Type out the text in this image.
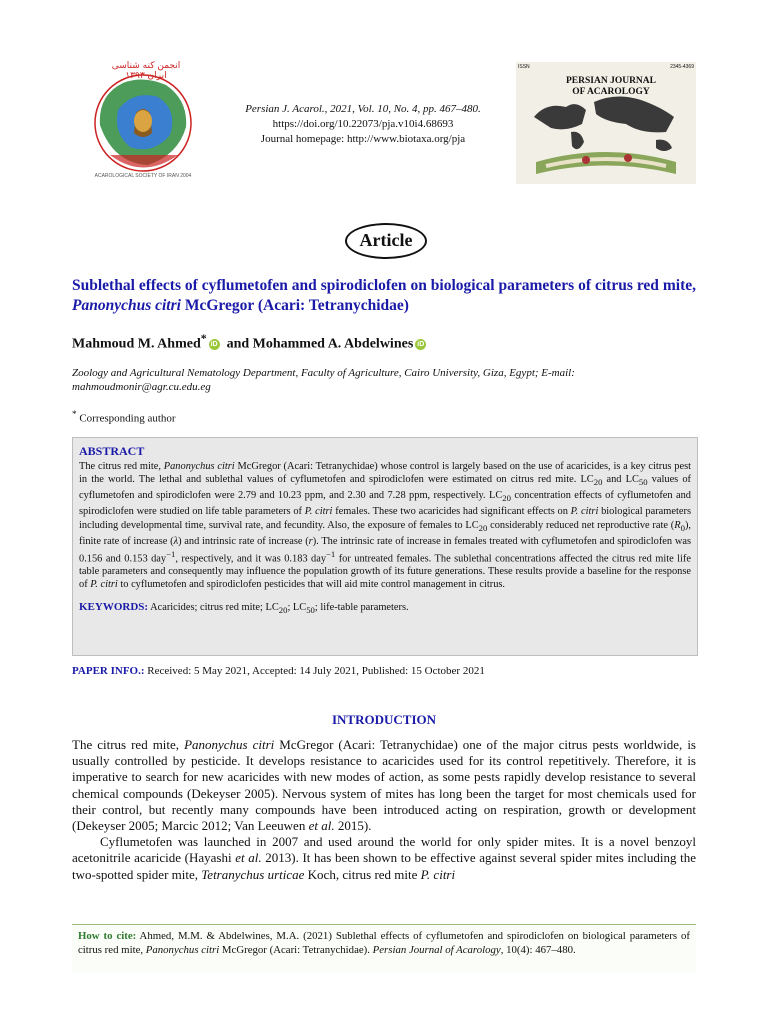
انجمن کنه شناسی ایران ۱۳۹۳
ACAROLOGICAL SOCIETY OF IRAN 2004
Persian J. Acarol., 2021, Vol. 10, No. 4, pp. 467–480.
https://doi.org/10.22073/pja.v10i4.68693
Journal homepage: http://www.biotaxa.org/pja
PERSIAN JOURNAL
OF ACAROLOGY
ISSN	2345-4369
Article
Sublethal effects of cyflumetofen and spirodiclofen on biological parameters of citrus red mite, Panonychus citri McGregor (Acari: Tetranychidae)
Mahmoud M. Ahmed* iD and Mohammed A. Abdelwines iD
Zoology and Agricultural Nematology Department, Faculty of Agriculture, Cairo University, Giza, Egypt; E-mail: mahmoudmonir@agr.cu.edu.eg
* Corresponding author
ABSTRACT
The citrus red mite, Panonychus citri McGregor (Acari: Tetranychidae) whose control is largely based on the use of acaricides, is a key citrus pest in the world. The lethal and sublethal values of cyflumetofen and spirodiclofen were estimated on citrus red mite. $LC_{20}$ and $LC_{50}$ values of cyflumetofen and spirodiclofen were 2.79 and 10.23 ppm, and 2.30 and 7.28 ppm, respectively. $LC_{20}$ concentration effects of cyflumetofen and spirodiclofen were studied on life table parameters of P. citri females. These two acaricides had significant effects on P. citri biological parameters including developmental time, survival rate, and fecundity. Also, the exposure of females to $LC_{20}$ considerably reduced net reproductive rate $(R_0)$, finite rate of increase (λ) and intrinsic rate of increase (r). The intrinsic rate of increase in females treated with cyflumetofen and spirodiclofen was 0.156 and 0.153 day$^{-1}$, respectively, and it was 0.183 day$^{-1}$ for untreated females. The sublethal concentrations affected the citrus red mite life table parameters and consequently may influence the population growth of its future generations. These results provide a baseline for the response of P. citri to cyflumetofen and spirodiclofen pesticides that will aid mite control management in citrus.
KEYWORDS: Acaricides; citrus red mite; $LC_{20}$; $LC_{50}$; life-table parameters.
PAPER INFO.: Received: 5 May 2021, Accepted: 14 July 2021, Published: 15 October 2021
INTRODUCTION

The citrus red mite, Panonychus citri McGregor (Acari: Tetranychidae) one of the major citrus pests worldwide, is usually controlled by pesticide. It develops resistance to acaricides used for its control repetitively. Therefore, it is imperative to search for new acaricides with new modes of action, as some pests rapidly develop resistance to several chemical compounds (Dekeyser 2005). Nervous system of mites has long been the target for most chemicals used for their control, but recently many compounds have been introduced acting on respiration, growth or development (Dekeyser 2005; Marcic 2012; Van Leeuwen et al. 2015).

Cyflumetofen was launched in 2007 and used around the world for only spider mites. It is a novel benzoyl acetonitrile acaricide (Hayashi et al. 2013). It has been shown to be effective against several spider mites including the two-spotted spider mite, Tetranychus urticae Koch, citrus red mite P. citri

How to cite: Ahmed, M.M. & Abdelwines, M.A. (2021) Sublethal effects of cyflumetofen and spirodiclofen on biological parameters of citrus red mite, Panonychus citri McGregor (Acari: Tetranychidae). Persian Journal of Acarology, 10(4): 467–480.
